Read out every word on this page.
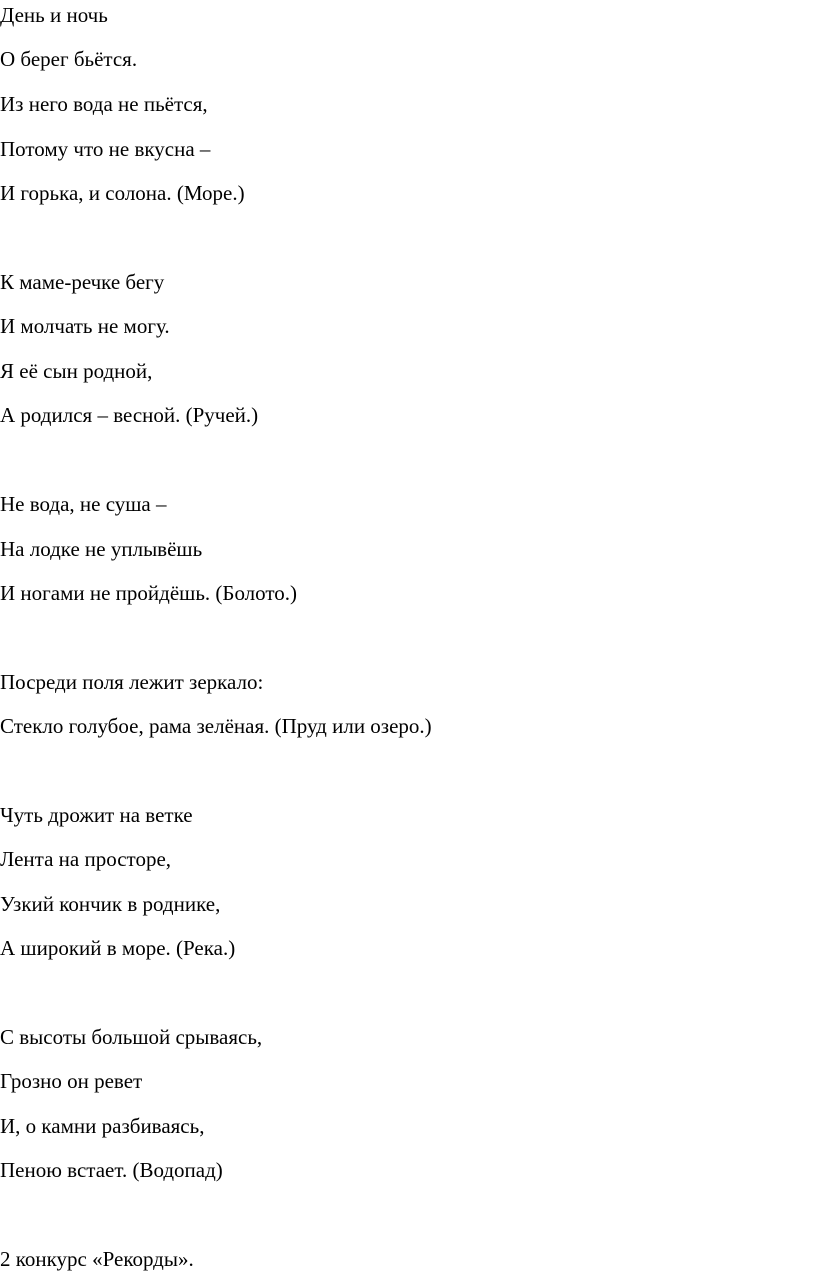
День и ночь
О берег бьётся.
Из него вода не пьётся,
Потому что не вкусна –
И горька, и солона. (Море.)
К маме-речке бегу
И молчать не могу.
Я её сын родной,
А родился – весной. (Ручей.)
Не вода, не суша –
На лодке не уплывёшь
И ногами не пройдёшь. (Болото.)
Посреди поля лежит зеркало:
Стекло голубое, рама зелёная. (Пруд или озеро.)
Чуть дрожит на ветке
Лента на просторе,
Узкий кончик в роднике,
А широкий в море. (Река.)
С высоты большой срываясь,
Грозно он ревет
И, о камни разбиваясь,
Пеною встает. (Водопад)
2 конкурс «Рекорды».
